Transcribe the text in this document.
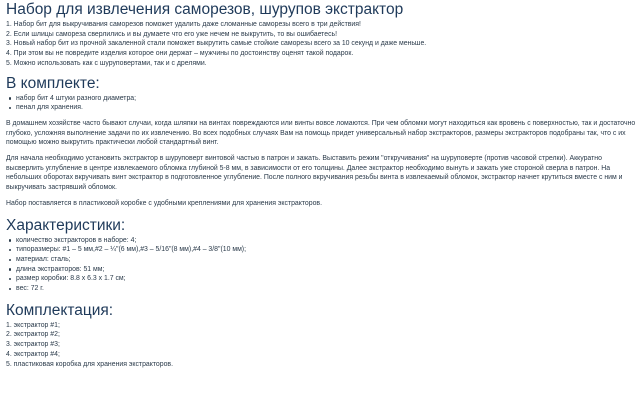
Набор для извлечения саморезов, шурупов экстрактор
1. Набор бит для выкручивания саморезов поможет удалить даже сломанные саморезы всего в три действия!
2. Если шлицы самореза сверлились и вы думаете что его уже нечем не выкрутить, то вы ошибаетесь!
3. Новый набор бит из прочной закаленной стали поможет выкрутить самые стойкие саморезы всего за 10 секунд и даже меньше.
4. При этом вы не повредите изделия которое они держат – мужчины по достоинству оценят такой подарок.
5. Можно использовать как с шуруповертами, так и с дрелями.
В комплекте:
набор бит 4 штуки разного диаметра;
пенал для хранения.

В домашнем хозяйстве часто бывают случаи, когда шляпки на винтах повреждаются или винты вовсе ломаются. При чем обломки могут находиться как вровень с поверхностью, так и достаточно глубоко, усложняя выполнение задачи по их извлечению. Во всех подобных случаях Вам на помощь придет универсальный набор экстракторов, размеры экстракторов подобраны так, что с их помощью можно выкрутить практически любой стандартный винт.

Для начала необходимо установить экстрактор в шуруповерт винтовой частью в патрон и зажать. Выставить режим "откручивания" на шуруповерте (против часовой стрелки). Аккуратно высверлить углубление в центре извлекаемого обломка глубиной 5-8 мм, в зависимости от его толщины. Далее экстрактор необходимо вынуть и зажать уже стороной сверла в патрон. На небольших оборотах вкручивать винт экстрактор в подготовленное углубление. После полного вкручивания резьбы винта в извлекаемый обломок, экстрактор начнет крутиться вместе с ним и выкручивать застрявший обломок.

Набор поставляется в пластиковой коробке с удобными креплениями для хранения экстракторов.

Характеристики:
количество экстракторов в наборе: 4;
типоразмеры: #1 – 5 мм,#2 – ¼"(6 мм),#3 – 5/16"(8 мм),#4 – 3/8"(10 мм);
материал: сталь;
длина экстракторов: 51 мм;
размер коробки: 8.8 x 6.3 x 1.7 см;
вес: 72 г.
Комплектация:
1. экстрактор #1;
2. экстрактор #2;
3. экстрактор #3;
4. экстрактор #4;
5. пластиковая коробка для хранения экстракторов.
